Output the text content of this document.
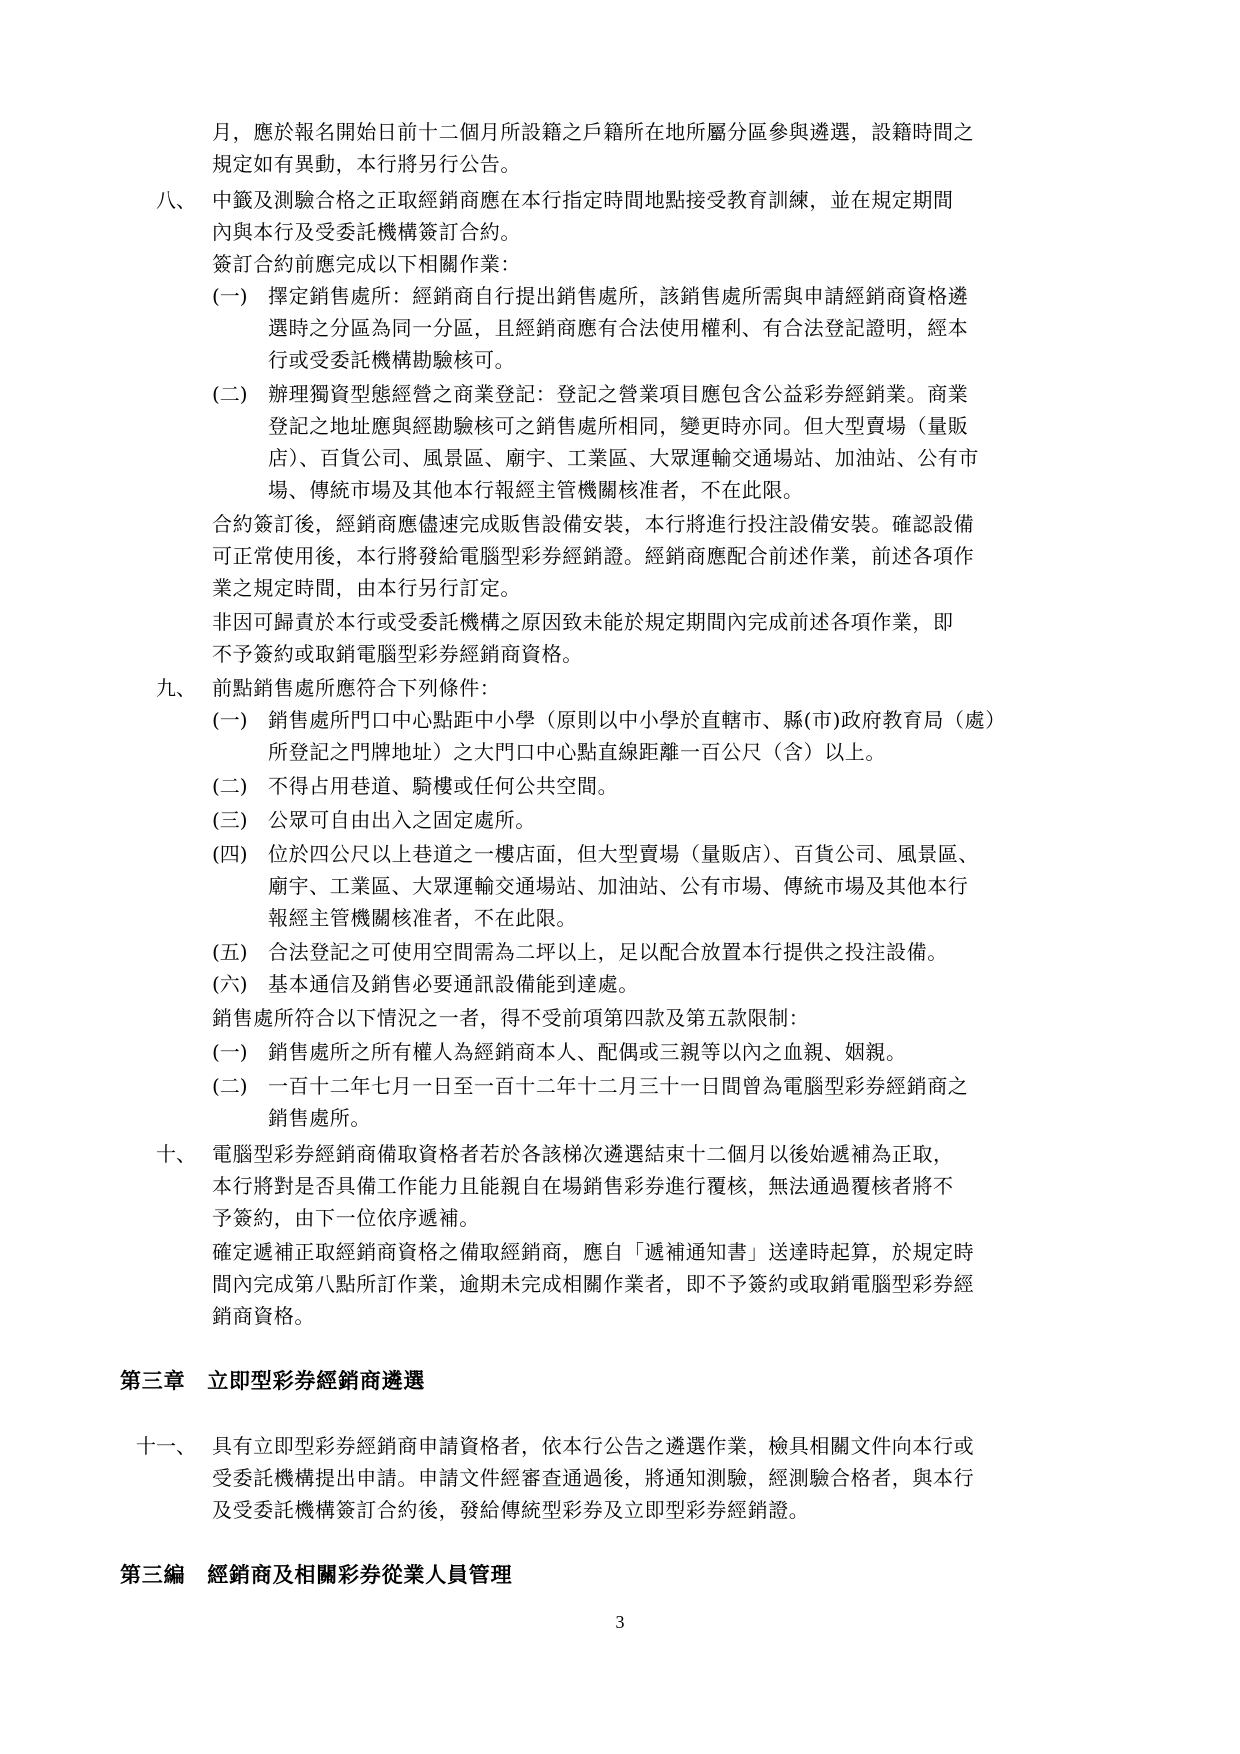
月，應於報名開始日前十二個月所設籍之戶籍所在地所屬分區參與遴選，設籍時間之
規定如有異動，本行將另行公告。
八、 中籤及測驗合格之正取經銷商應在本行指定時間地點接受教育訓練，並在規定期間
內與本行及受委託機構簽訂合約。
簽訂合約前應完成以下相關作業：
(一) 擇定銷售處所：經銷商自行提出銷售處所，該銷售處所需與申請經銷商資格遴
選時之分區為同一分區，且經銷商應有合法使用權利、有合法登記證明，經本
行或受委託機構勘驗核可。
(二) 辦理獨資型態經營之商業登記：登記之營業項目應包含公益彩券經銷業。商業
登記之地址應與經勘驗核可之銷售處所相同，變更時亦同。但大型賣場（量販
店）、百貨公司、風景區、廟宇、工業區、大眾運輸交通場站、加油站、公有市
場、傳統市場及其他本行報經主管機關核准者，不在此限。
合約簽訂後，經銷商應儘速完成販售設備安裝，本行將進行投注設備安裝。確認設備
可正常使用後，本行將發給電腦型彩券經銷證。經銷商應配合前述作業，前述各項作
業之規定時間，由本行另行訂定。
非因可歸責於本行或受委託機構之原因致未能於規定期間內完成前述各項作業，即
不予簽約或取銷電腦型彩券經銷商資格。
九、 前點銷售處所應符合下列條件：
(一) 銷售處所門口中心點距中小學（原則以中小學於直轄市、縣(市)政府教育局（處）
所登記之門牌地址）之大門口中心點直線距離一百公尺（含）以上。
(二) 不得占用巷道、騎樓或任何公共空間。
(三) 公眾可自由出入之固定處所。
(四) 位於四公尺以上巷道之一樓店面，但大型賣場（量販店）、百貨公司、風景區、
廟宇、工業區、大眾運輸交通場站、加油站、公有市場、傳統市場及其他本行
報經主管機關核准者，不在此限。
(五) 合法登記之可使用空間需為二坪以上，足以配合放置本行提供之投注設備。
(六) 基本通信及銷售必要通訊設備能到達處。
銷售處所符合以下情況之一者，得不受前項第四款及第五款限制：
(一) 銷售處所之所有權人為經銷商本人、配偶或三親等以內之血親、姻親。
(二) 一百十二年七月一日至一百十二年十二月三十一日間曾為電腦型彩券經銷商之
銷售處所。
十、 電腦型彩券經銷商備取資格者若於各該梯次遴選結束十二個月以後始遞補為正取，
本行將對是否具備工作能力且能親自在場銷售彩券進行覆核，無法通過覆核者將不
予簽約，由下一位依序遞補。
確定遞補正取經銷商資格之備取經銷商，應自「遞補通知書」送達時起算，於規定時
間內完成第八點所訂作業，逾期未完成相關作業者，即不予簽約或取銷電腦型彩券經
銷商資格。
第三章　立即型彩券經銷商遴選
十一、 具有立即型彩券經銷商申請資格者，依本行公告之遴選作業，檢具相關文件向本行或
受委託機構提出申請。申請文件經審查通過後，將通知測驗，經測驗合格者，與本行
及受委託機構簽訂合約後，發給傳統型彩券及立即型彩券經銷證。
第三編　經銷商及相關彩券從業人員管理
3
